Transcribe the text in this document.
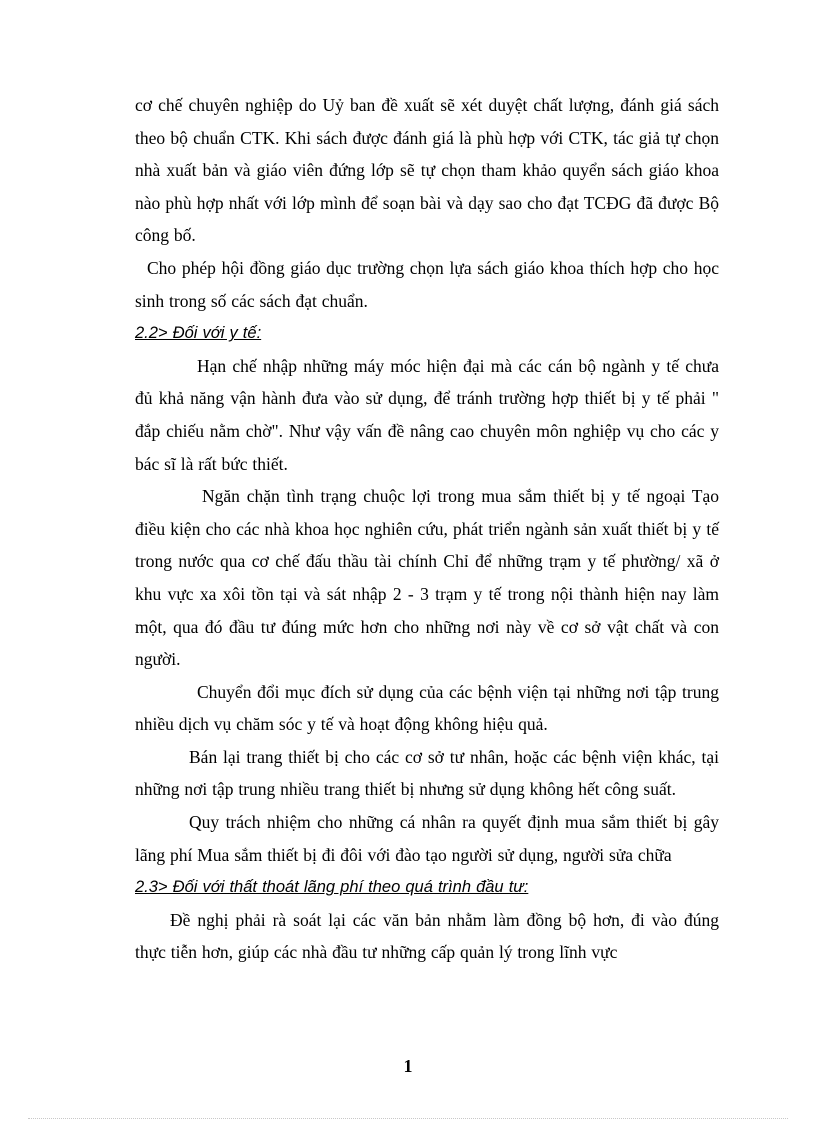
cơ chế chuyên nghiệp do Uỷ ban đề xuất sẽ xét duyệt chất lượng, đánh giá sách theo bộ chuẩn CTK. Khi sách được đánh giá là phù hợp với CTK, tác giả tự chọn nhà xuất bản và giáo viên đứng lớp sẽ tự chọn tham khảo quyển sách giáo khoa nào phù hợp nhất với lớp mình để soạn bài và dạy sao cho đạt TCĐG đã được Bộ công bố.

Cho phép hội đồng giáo dục trường chọn lựa sách giáo khoa thích hợp cho học sinh trong số các sách đạt chuẩn.

2.2> Đối với y tế:

Hạn chế nhập những máy móc hiện đại mà các cán bộ ngành y tế chưa đủ khả năng vận hành đưa vào sử dụng, để tránh trường hợp thiết bị y tế phải " đắp chiếu nằm chờ". Như vậy vấn đề nâng cao chuyên môn nghiệp vụ cho các y bác sĩ là rất bức thiết.

Ngăn chặn tình trạng chuộc lợi trong mua sắm thiết bị y tế ngoại Tạo điều kiện cho các nhà khoa học nghiên cứu, phát triển ngành sản xuất thiết bị y tế trong nước qua cơ chế đấu thầu tài chính Chỉ để những trạm y tế phường/ xã ở khu vực xa xôi tồn tại và sát nhập 2 - 3 trạm y tế trong nội thành hiện nay làm một, qua đó đầu tư đúng mức hơn cho những nơi này về cơ sở vật chất và con người.

Chuyển đổi mục đích sử dụng của các bệnh viện tại những nơi tập trung nhiều dịch vụ chăm sóc y tế và hoạt động không hiệu quả.

Bán lại trang thiết bị cho các cơ sở tư nhân, hoặc các bệnh viện khác, tại những nơi tập trung nhiều trang thiết bị nhưng sử dụng không hết công suất.

Quy trách nhiệm cho những cá nhân ra quyết định mua sắm thiết bị gây lãng phí Mua sắm thiết bị đi đôi với đào tạo người sử dụng, người sửa chữa

2.3> Đối với thất thoát lãng phí theo quá trình đầu tư:

Đề nghị phải rà soát lại các văn bản nhằm làm đồng bộ hơn, đi vào đúng thực tiễn hơn, giúp các nhà đầu tư những cấp quản lý trong lĩnh vực

1
